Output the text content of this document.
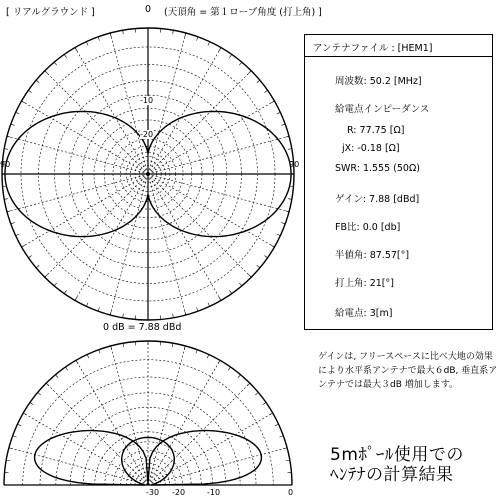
[ リアルグラウンド ]	0 (天頂角 = 第１ローブ角度 (打上角) ]
-10
-20
90	90
0 dB = 7.88 dBd
-30 -20	-10	0
アンテナファイル : [HEM1]
周波数: 50.2 [MHz]
給電点インピーダンス
R: 77.75 [Ω]
jX: -0.18 [Ω]
SWR: 1.555 (50Ω)
ゲイン: 7.88 [dBd]
FB比: 0.0 [db]
半値角: 87.57[°]
打上角: 21[°]
給電点: 3[m]
ゲインは, フリースペースに比べ大地の効果により水平系アンテナで最大６dB, 垂直系アンテナでは最大３dB 増加します。
5mﾎﾟｰﾙ使用での
ﾍﾝﾃﾅの計算結果
